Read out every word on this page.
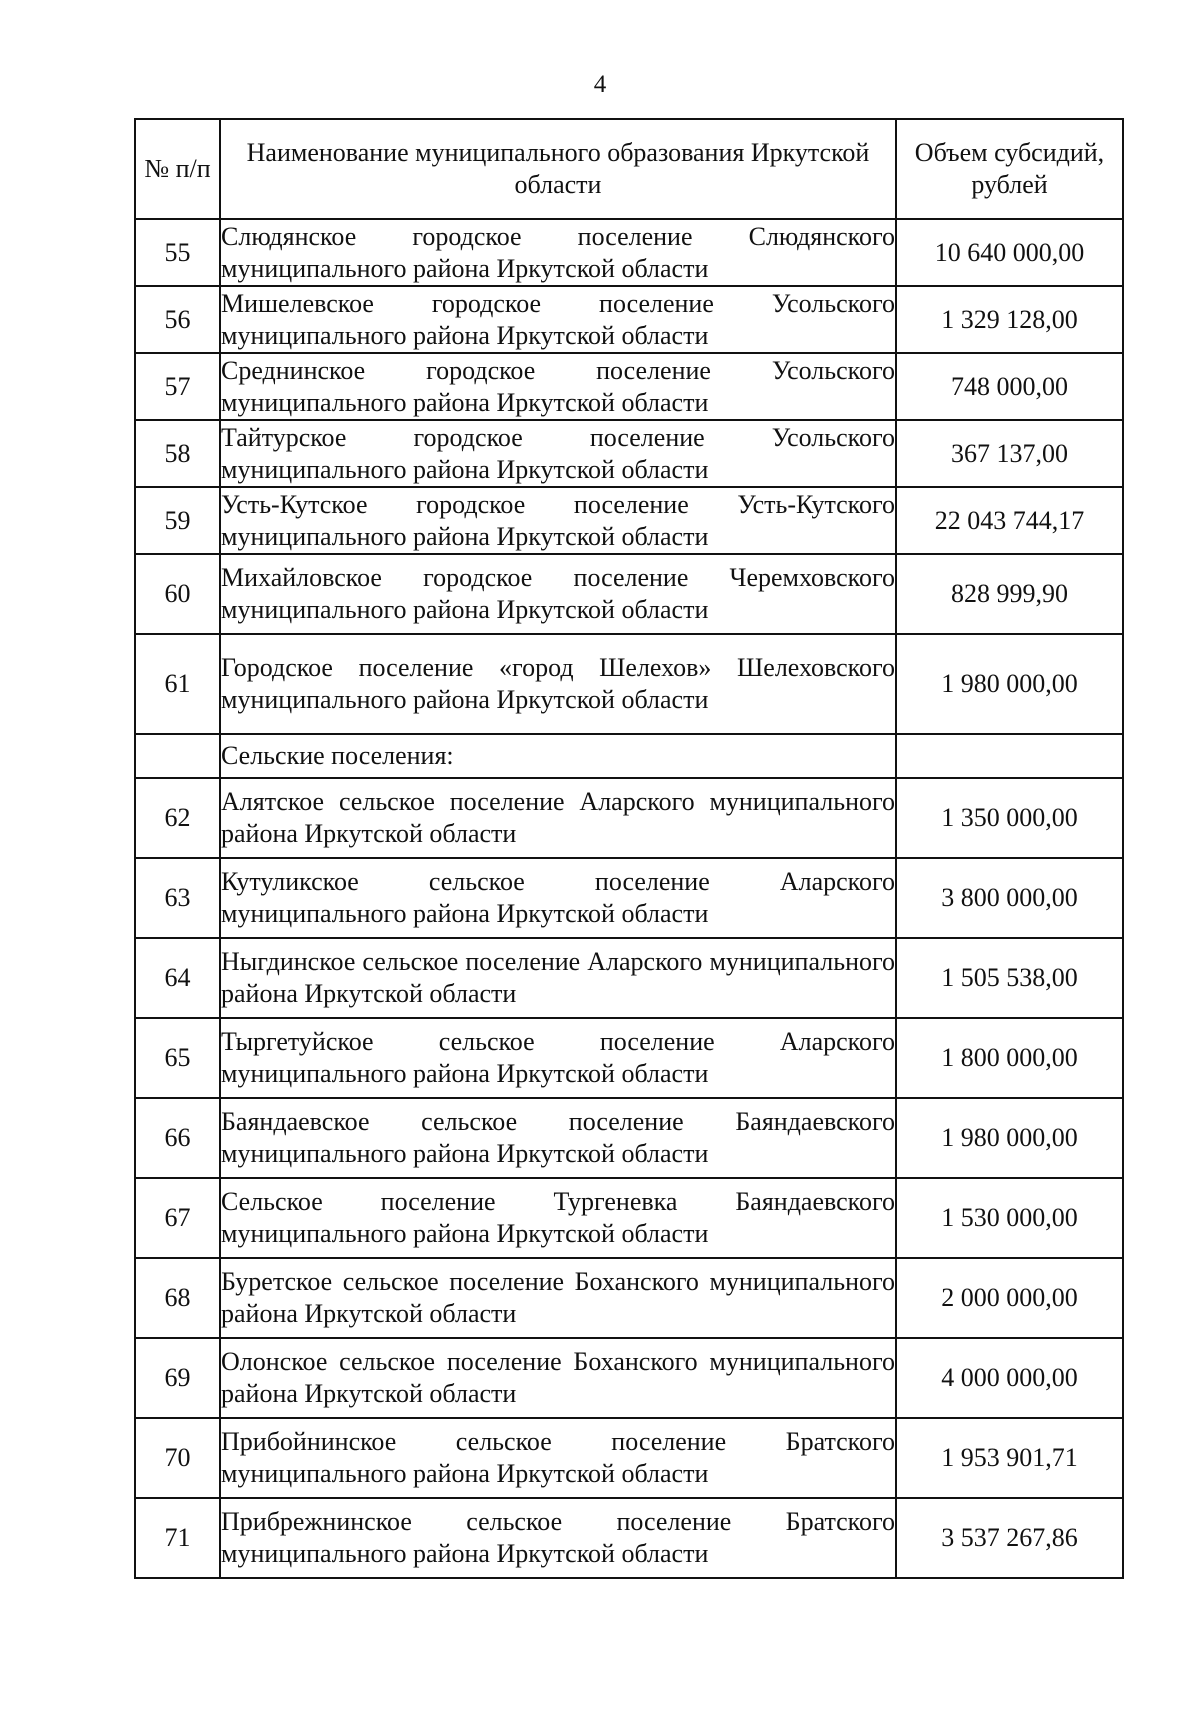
4
№ п/п	Наименование муниципального образования Иркутской области	Объем субсидий, рублей
55	Слюдянское городское поселение Слюдянского муниципального района Иркутской области	10 640 000,00
56	Мишелевское городское поселение Усольского муниципального района Иркутской области	1 329 128,00
57	Среднинское городское поселение Усольского муниципального района Иркутской области	748 000,00
58	Тайтурское городское поселение Усольского муниципального района Иркутской области	367 137,00
59	Усть-Кутское городское поселение Усть-Кутского муниципального района Иркутской области	22 043 744,17
60	Михайловское городское поселение Черемховского муниципального района Иркутской области	828 999,90
61	Городское поселение «город Шелехов» Шелеховского муниципального района Иркутской области	1 980 000,00
	Сельские поселения:	
62	Алятское сельское поселение Аларского муниципального района Иркутской области	1 350 000,00
63	Кутуликское сельское поселение Аларского муниципального района Иркутской области	3 800 000,00
64	Ныгдинское сельское поселение Аларского муниципального района Иркутской области	1 505 538,00
65	Тыргетуйское сельское поселение Аларского муниципального района Иркутской области	1 800 000,00
66	Баяндаевское сельское поселение Баяндаевского муниципального района Иркутской области	1 980 000,00
67	Сельское поселение Тургеневка Баяндаевского муниципального района Иркутской области	1 530 000,00
68	Буретское сельское поселение Боханского муниципального района Иркутской области	2 000 000,00
69	Олонское сельское поселение Боханского муниципального района Иркутской области	4 000 000,00
70	Прибойнинское сельское поселение Братского муниципального района Иркутской области	1 953 901,71
71	Прибрежнинское сельское поселение Братского муниципального района Иркутской области	3 537 267,86
